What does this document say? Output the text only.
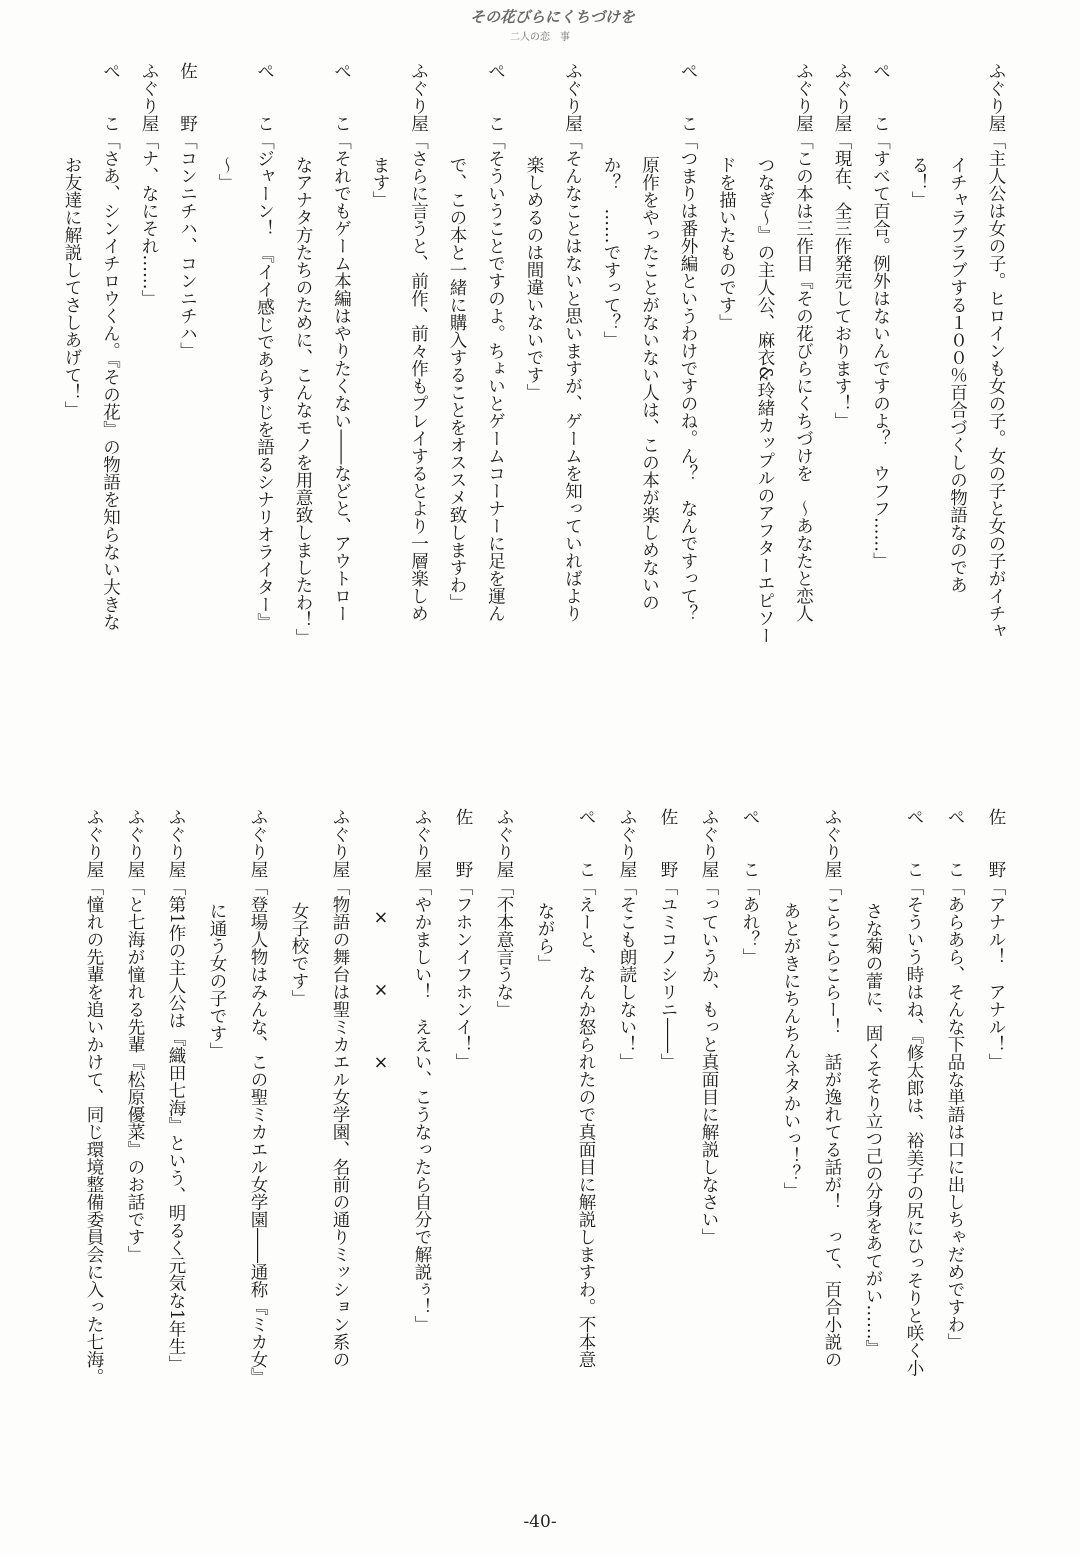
その花びらにくちづけを
二人の恋　事
ふぐり屋「主人公は女の子。ヒロインも女の子。女の子と女の子がイチャ
イチャラブラブする１００％百合づくしの物語なのであ
る！」
ぺ　　こ「すべて百合。例外はないんですのよ？　ウフフ……」
ふぐり屋「現在、全三作発売しております！」
ふぐり屋「この本は三作目『その花びらにくちづけを　～あなたと恋人
つなぎ～』の主人公、麻衣&玲緒カップルのアフターエピソー
ドを描いたものです」
ぺ　　こ「つまりは番外編というわけですのね。ん？　なんですって？
原作をやったことがないない人は、この本が楽しめないの
か？　……ですって？」
ふぐり屋「そんなことはないと思いますが、ゲームを知っていればより
楽しめるのは間違いないです」
ぺ　　こ「そういうことですのよ。ちょいとゲームコーナーに足を運ん
で、この本と一緒に購入することをオススメ致しますわ」
ふぐり屋「さらに言うと、前作、前々作もプレイするとより一層楽しめ
ます」
ぺ　　こ「それでもゲーム本編はやりたくない――などと、アウトロー
なアナタ方たちのために、こんなモノを用意致しましたわ！」
ぺ　　こ「ジャーン！　『イイ感じであらすじを語るシナリオライター』
～」
佐　　野「コンニチハ、コンニチハ」
ふぐり屋「ナ、なにそれ……」
ぺ　　こ「さあ、シンイチロウくん。『その花』の物語を知らない大きな
お友達に解説してさしあげて！」
佐　　野「アナル！　アナル！」
ぺ　　こ「あらあら、そんな下品な単語は口に出しちゃだめですわ」
ぺ　　こ「そういう時はね、『修太郎は、裕美子の尻にひっそりと咲く小
さな菊の蕾に、固くそそり立つ己の分身をあてがい……』
ふぐり屋「こらこらこらー！　話が逸れてる話が！　って、百合小説の
あとがきにちんちんネタかいっ！？」
ぺ　　こ「あれ？」
ふぐり屋「っていうか、もっと真面目に解説しなさい」
佐　　野「ユミコノシリニ――」
ふぐり屋「そこも朗読しない！」
ぺ　　こ「えーと、なんか怒られたので真面目に解説しますわ。不本意
ながら」
ふぐり屋「不本意言うな」
佐　　野「フホンイフホンイ！」
ふぐり屋「やかましい！　ええい、こうなったら自分で解説ぅ！」
×　　　×　　　×
ふぐり屋「物語の舞台は聖ミカエル女学園、名前の通りミッション系の
女子校です」
ふぐり屋「登場人物はみんな、この聖ミカエル女学園――通称『ミカ女』
に通う女の子です」
ふぐり屋「第1作の主人公は『織田七海』という、明るく元気な1年生」
ふぐり屋「と七海が憧れる先輩『松原優菜』のお話です」
ふぐり屋「憧れの先輩を追いかけて、同じ環境整備委員会に入った七海。
-40-
